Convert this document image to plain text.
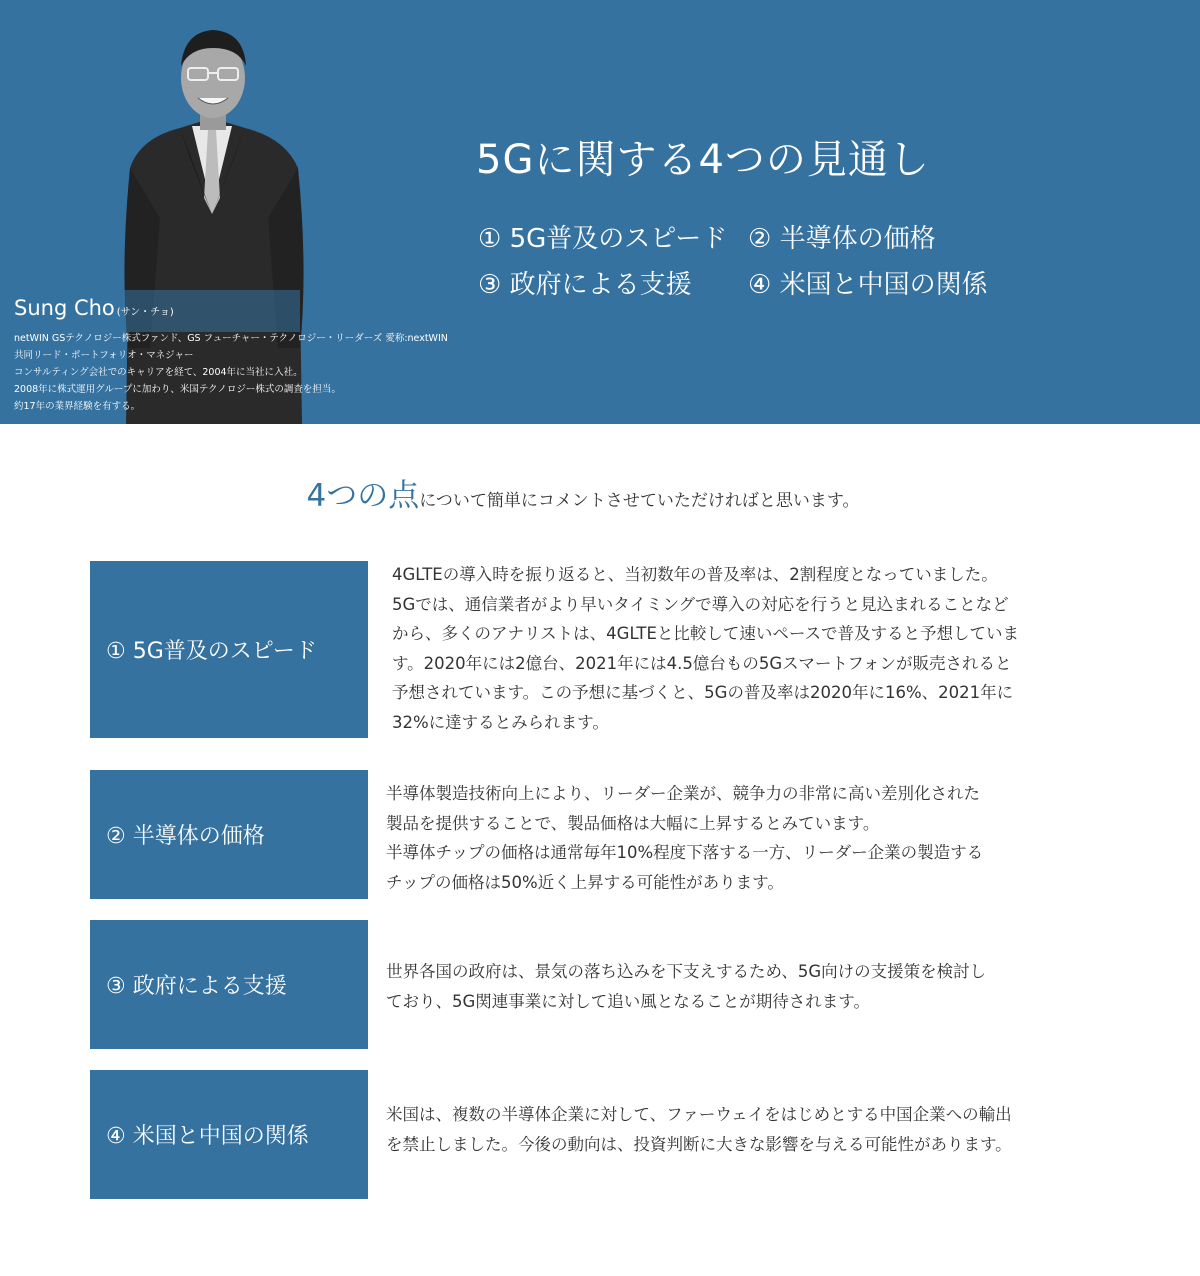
Sung Cho (サン・チョ)
netWIN GSテクノロジー株式ファンド、GS フューチャー・テクノロジー・リーダーズ 愛称:nextWIN
共同リード・ポートフォリオ・マネジャー
コンサルティング会社でのキャリアを経て、2004年に当社に入社。
2008年に株式運用グループに加わり、米国テクノロジー株式の調査を担当。
約17年の業界経験を有する。
5Gに関する4つの見通し
① 5G普及のスピード ② 半導体の価格
③ 政府による支援 ④ 米国と中国の関係
4つの点について簡単にコメントさせていただければと思います。
① 5G普及のスピード
4GLTEの導入時を振り返ると、当初数年の普及率は、2割程度となっていました。
5Gでは、通信業者がより早いタイミングで導入の対応を行うと見込まれることなど
から、多くのアナリストは、4GLTEと比較して速いペースで普及すると予想していま
す。2020年には2億台、2021年には4.5億台もの5Gスマートフォンが販売されると
予想されています。この予想に基づくと、5Gの普及率は2020年に16%、2021年に
32%に達するとみられます。
② 半導体の価格
半導体製造技術向上により、リーダー企業が、競争力の非常に高い差別化された
製品を提供することで、製品価格は大幅に上昇するとみています。
半導体チップの価格は通常毎年10%程度下落する一方、リーダー企業の製造する
チップの価格は50%近く上昇する可能性があります。
③ 政府による支援
世界各国の政府は、景気の落ち込みを下支えするため、5G向けの支援策を検討し
ており、5G関連事業に対して追い風となることが期待されます。
④ 米国と中国の関係
米国は、複数の半導体企業に対して、ファーウェイをはじめとする中国企業への輸出
を禁止しました。今後の動向は、投資判断に大きな影響を与える可能性があります。
